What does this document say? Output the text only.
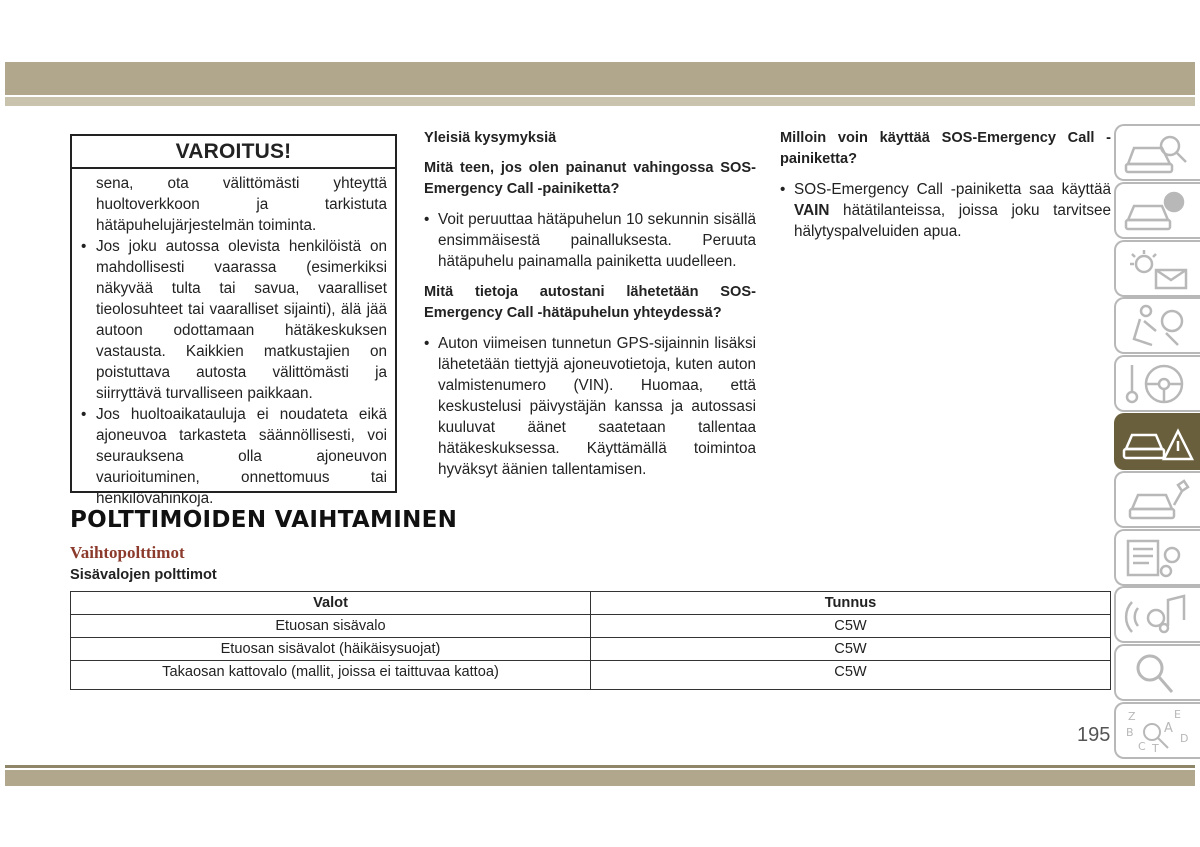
VAROITUS!

sena, ota välittömästi yhteyttä huoltoverkkoon ja tarkistuta hätäpuhelujärjestelmän toiminta.

• Jos joku autossa olevista henkilöistä on mahdollisesti vaarassa (esimerkiksi näkyvää tulta tai savua, vaaralliset tieolosuhteet tai vaaralliset sijainti), älä jää autoon odottamaan hätäkeskuksen vastausta. Kaikkien matkustajien on poistuttava autosta välittömästi ja siirryttävä turvalliseen paikkaan.
• Jos huoltoaikatauluja ei noudateta eikä ajoneuvoa tarkasteta säännöllisesti, voi seurauksena olla ajoneuvon vaurioituminen, onnettomuus tai henkilövahinkoja.
Yleisiä kysymyksiä
Mitä teen, jos olen painanut vahingossa SOS-Emergency Call -painiketta?
• Voit peruuttaa hätäpuhelun 10 sekunnin sisällä ensimmäisestä painalluksesta. Peruuta hätäpuhelu painamalla painiketta uudelleen.
Mitä tietoja autostani lähetetään SOS-Emergency Call -hätäpuhelun yhteydessä?
• Auton viimeisen tunnetun GPS-sijainnin lisäksi lähetetään tiettyjä ajoneuvotietoja, kuten auton valmistenumero (VIN). Huomaa, että keskustelusi päivystäjän kanssa ja autossasi kuuluvat äänet saatetaan tallentaa hätäkeskuksessa. Käyttämällä toimintoa hyväksyt äänien tallentamisen.
Milloin voin käyttää SOS-Emergency Call -painiketta?
• SOS-Emergency Call -painiketta saa käyttää VAIN hätätilanteissa, joissa joku tarvitsee hälytyspalveluiden apua.
POLTTIMOIDEN VAIHTAMINEN
Vaihtopolttimot
Sisävalojen polttimot
Valot	Tunnus
Etuosan sisävalo	C5W
Etuosan sisävalot (häikäisysuojat)	C5W
Takaosan kattovalo (mallit, joissa ei taittuvaa kattoa)	C5W
195
Z	E
A
B
C T
D
